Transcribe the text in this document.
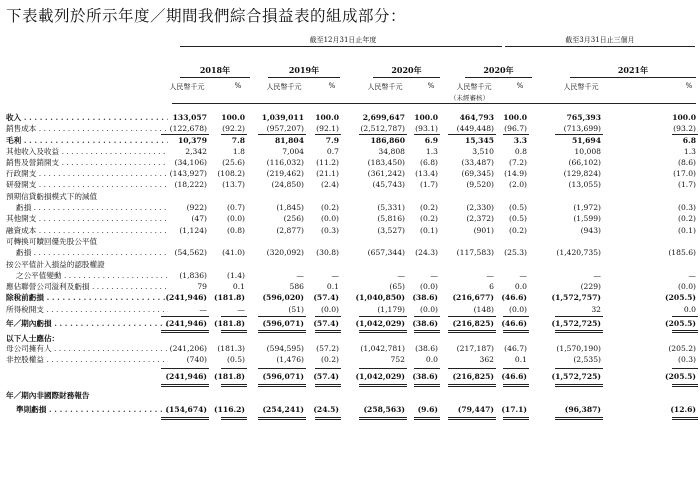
下表載列於所示年度／期間我們綜合損益表的組成部分：
截至12月31日止年度	截至3月31日止三個月
2018年
人民幣千元	%
2019年
人民幣千元	%
2020年
人民幣千元	%
2020年
人民幣千元	%
2021年
人民幣千元	%
（未經審核）
收入 . . .	133,057 100.0 1,039,011 100.0	2,699,647 100.0	464,793 100.0	765,393	100.0
銷售成本 . . .	(122,678) (92.2)	(957,207) (92.1)	(2,512,787) (93.1) (449,448) (96.7)	(713,699)	(93.2)
毛利 . . .	10,379	7.8	81,804	7.9	186,860	6.9	15,345	3.3	51,694	6.8
其他收入及收益 . . .	2,342	1.8	7,004	0.7	34,808	1.3	3,510	0.8	10,008	1.3
銷售及營銷開支 . . .	(34,106) (25.6)	(116,032) (11.2)	(183,450) (6.8)	(33,487) (7.2)	(66,102)	(8.6)
行政開支 . . .	(143,927) (108.2)	(219,462) (21.1)	(361,242) (13.4)	(69,345) (14.9)	(129,824)	(17.0)
研發開支 . . .	(18,222) (13.7)	(24,850) (2.4)	(45,743) (1.7)	(9,520) (2.0)	(13,055)	(1.7)
預期信貸虧損模式下的減值
虧損 . . .	(922)	(0.7)	(1,845) (0.2)	(5,331) (0.2)	(2,330) (0.5)	(1,972)	(0.3)
其他開支 . . .	(47)	(0.0)	(256) (0.0)	(5,816) (0.2)	(2,372) (0.5)	(1,599)	(0.2)
融資成本 . . .	(1,124)	(0.8)	(2,877) (0.3)	(3,527) (0.1)	(901) (0.2)	(943)	(0.1)
可轉換可贖回優先股公平值
虧損 . . .	(54,562) (41.0)	(320,092) (30.8)	(657,344) (24.3) (117,583) (25.3)	(1,420,735)	(185.6)
按公平值計入損益的認股權證
之公平值變動 . . .	(1,836)	(1.4)	—	—	—	—	—	—	—	—
應佔聯營公司溢利及虧損 . . .	79	0.1	586	0.1	(65) (0.0)	6	0.0	(229)	(0.0)
除稅前虧損 . . .	(241,946) (181.8) (596,020) (57.4) (1,040,850) (38.6) (216,677) (46.6)	(1,572,757)	(205.5)
所得稅開支 . . .	—	—	(51) (0.0)	(1,179) (0.0)	(148) (0.0)	32	0.0
年／期內虧損 . . .	(241,946) (181.8) (596,071) (57.4) (1,042,029) (38.6) (216,825) (46.6)	(1,572,725)	(205.5)
以下人士應佔：
母公司擁有人 . . .	(241,206) (181.3)	(594,595) (57.2)	(1,042,781) (38.6) (217,187) (46.7)	(1,570,190)	(205.2)
非控股權益 . . .	(740)	(0.5)	(1,476) (0.2)	752	0.0	362	0.1	(2,535)	(0.3)
(241,946) (181.8) (596,071) (57.4) (1,042,029) (38.6) (216,825) (46.6)	(1,572,725)	(205.5)
年／期內非國際財務報告
準則虧損 . . .	(154,674) (116.2) (254,241) (24.5)	(258,563) (9.6)	(79,447) (17.1)	(96,387)	(12.6)
